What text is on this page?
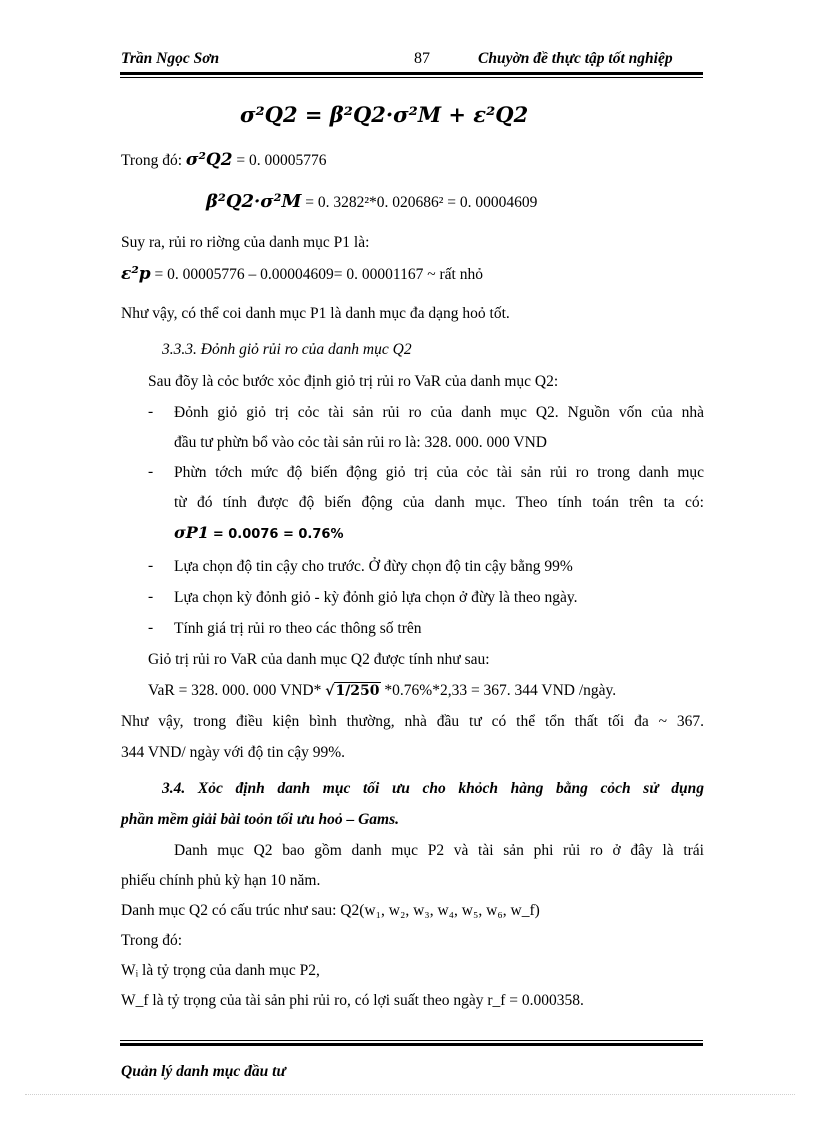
Trần Ngọc Sơn	87	Chuyờn đề thực tập tốt nghiệp
σ²Q2 = β²Q2·σ²M + ε²Q2
Trong đó: σ²Q2 = 0. 00005776
β²Q2·σ²M = 0. 3282²*0. 020686² = 0. 00004609
Suy ra, rủi ro riờng của danh mục P1 là:
ε²p = 0. 00005776 – 0.00004609= 0. 00001167 ~ rất nhỏ
Như vậy, có thể coi danh mục P1 là danh mục đa dạng hoỏ tốt.
3.3.3. Đỏnh giỏ rủi ro của danh mục Q2
Sau đõy là cỏc bước xỏc định giỏ trị rủi ro VaR của danh mục Q2:
- Đỏnh giỏ giỏ trị cỏc tài sản rủi ro của danh mục Q2. Nguồn vốn của nhà
đầu tư phừn bổ vào cỏc tài sản rủi ro là: 328. 000. 000 VND
- Phừn tớch mức độ biến động giỏ trị của cỏc tài sản rủi ro trong danh mục
từ đó tính được độ biến động của danh mục. Theo tính toán trên ta có:
σP1 = 0.0076 = 0.76%
- Lựa chọn độ tin cậy cho trước. Ở đừy chọn độ tin cậy bằng 99%
- Lựa chọn kỳ đỏnh giỏ - kỳ đỏnh giỏ lựa chọn ở đừy là theo ngày.
- Tính giá trị rủi ro theo các thông số trên
Giỏ trị rủi ro VaR của danh mục Q2 được tính như sau:
VaR = 328. 000. 000 VND* √1/250 *0.76%*2,33 = 367. 344 VND /ngày.
Như vậy, trong điều kiện bình thường, nhà đầu tư có thể tổn thất tối đa ~ 367.
344 VND/ ngày với độ tin cậy 99%.
3.4. Xỏc định danh mục tối ưu cho khỏch hàng bằng cỏch sử dụng
phần mềm giải bài toỏn tối ưu hoỏ – Gams.
Danh mục Q2 bao gồm danh mục P2 và tài sản phi rủi ro ở đây là trái
phiếu chính phủ kỳ hạn 10 năm.
Danh mục Q2 có cấu trúc như sau: Q2(w₁, w₂, w₃, w₄, w₅, w₆, w_f)
Trong đó:
Wᵢ là tỷ trọng của danh mục P2,
W_f là tỷ trọng của tài sản phi rủi ro, có lợi suất theo ngày r_f = 0.000358.
Quản lý danh mục đầu tư
